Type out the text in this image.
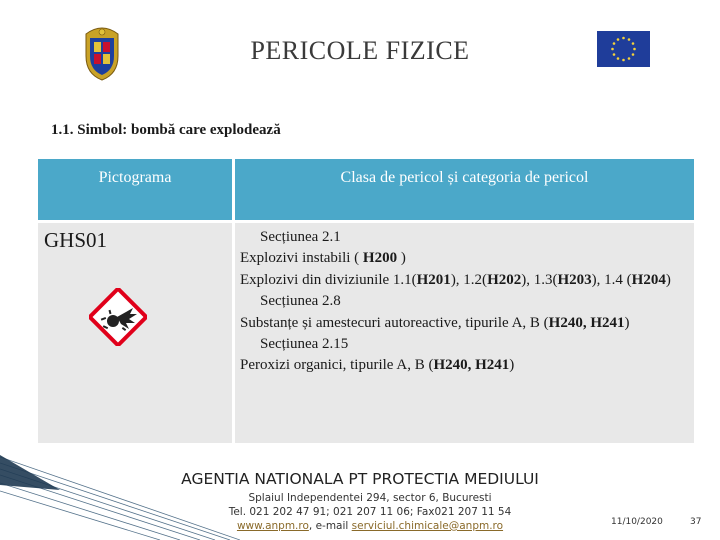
PERICOLE FIZICE
1.1. Simbol: bombă care explodează
Pictograma	Clasa de pericol și categoria de pericol
GHS01	Secțiunea 2.1

Explozivi instabili ( H200 )

Explozivi din diviziunile 1.1(H201), 1.2(H202), 1.3(H203), 1.4 (H204)

Secțiunea 2.8

Substanțe și amestecuri autoreactive, tipurile A, B (H240, H241)

Secțiunea 2.15

Peroxizi organici, tipurile A, B (H240, H241)

AGENTIA NATIONALA PT PROTECTIA MEDIULUI
Splaiul Independentei 294, sector 6, Bucuresti
Tel. 021 202 47 91; 021 207 11 06; Fax021 207 11 54
www.anpm.ro, e-mail serviciul.chimicale@anpm.ro	11/10/2020	37
